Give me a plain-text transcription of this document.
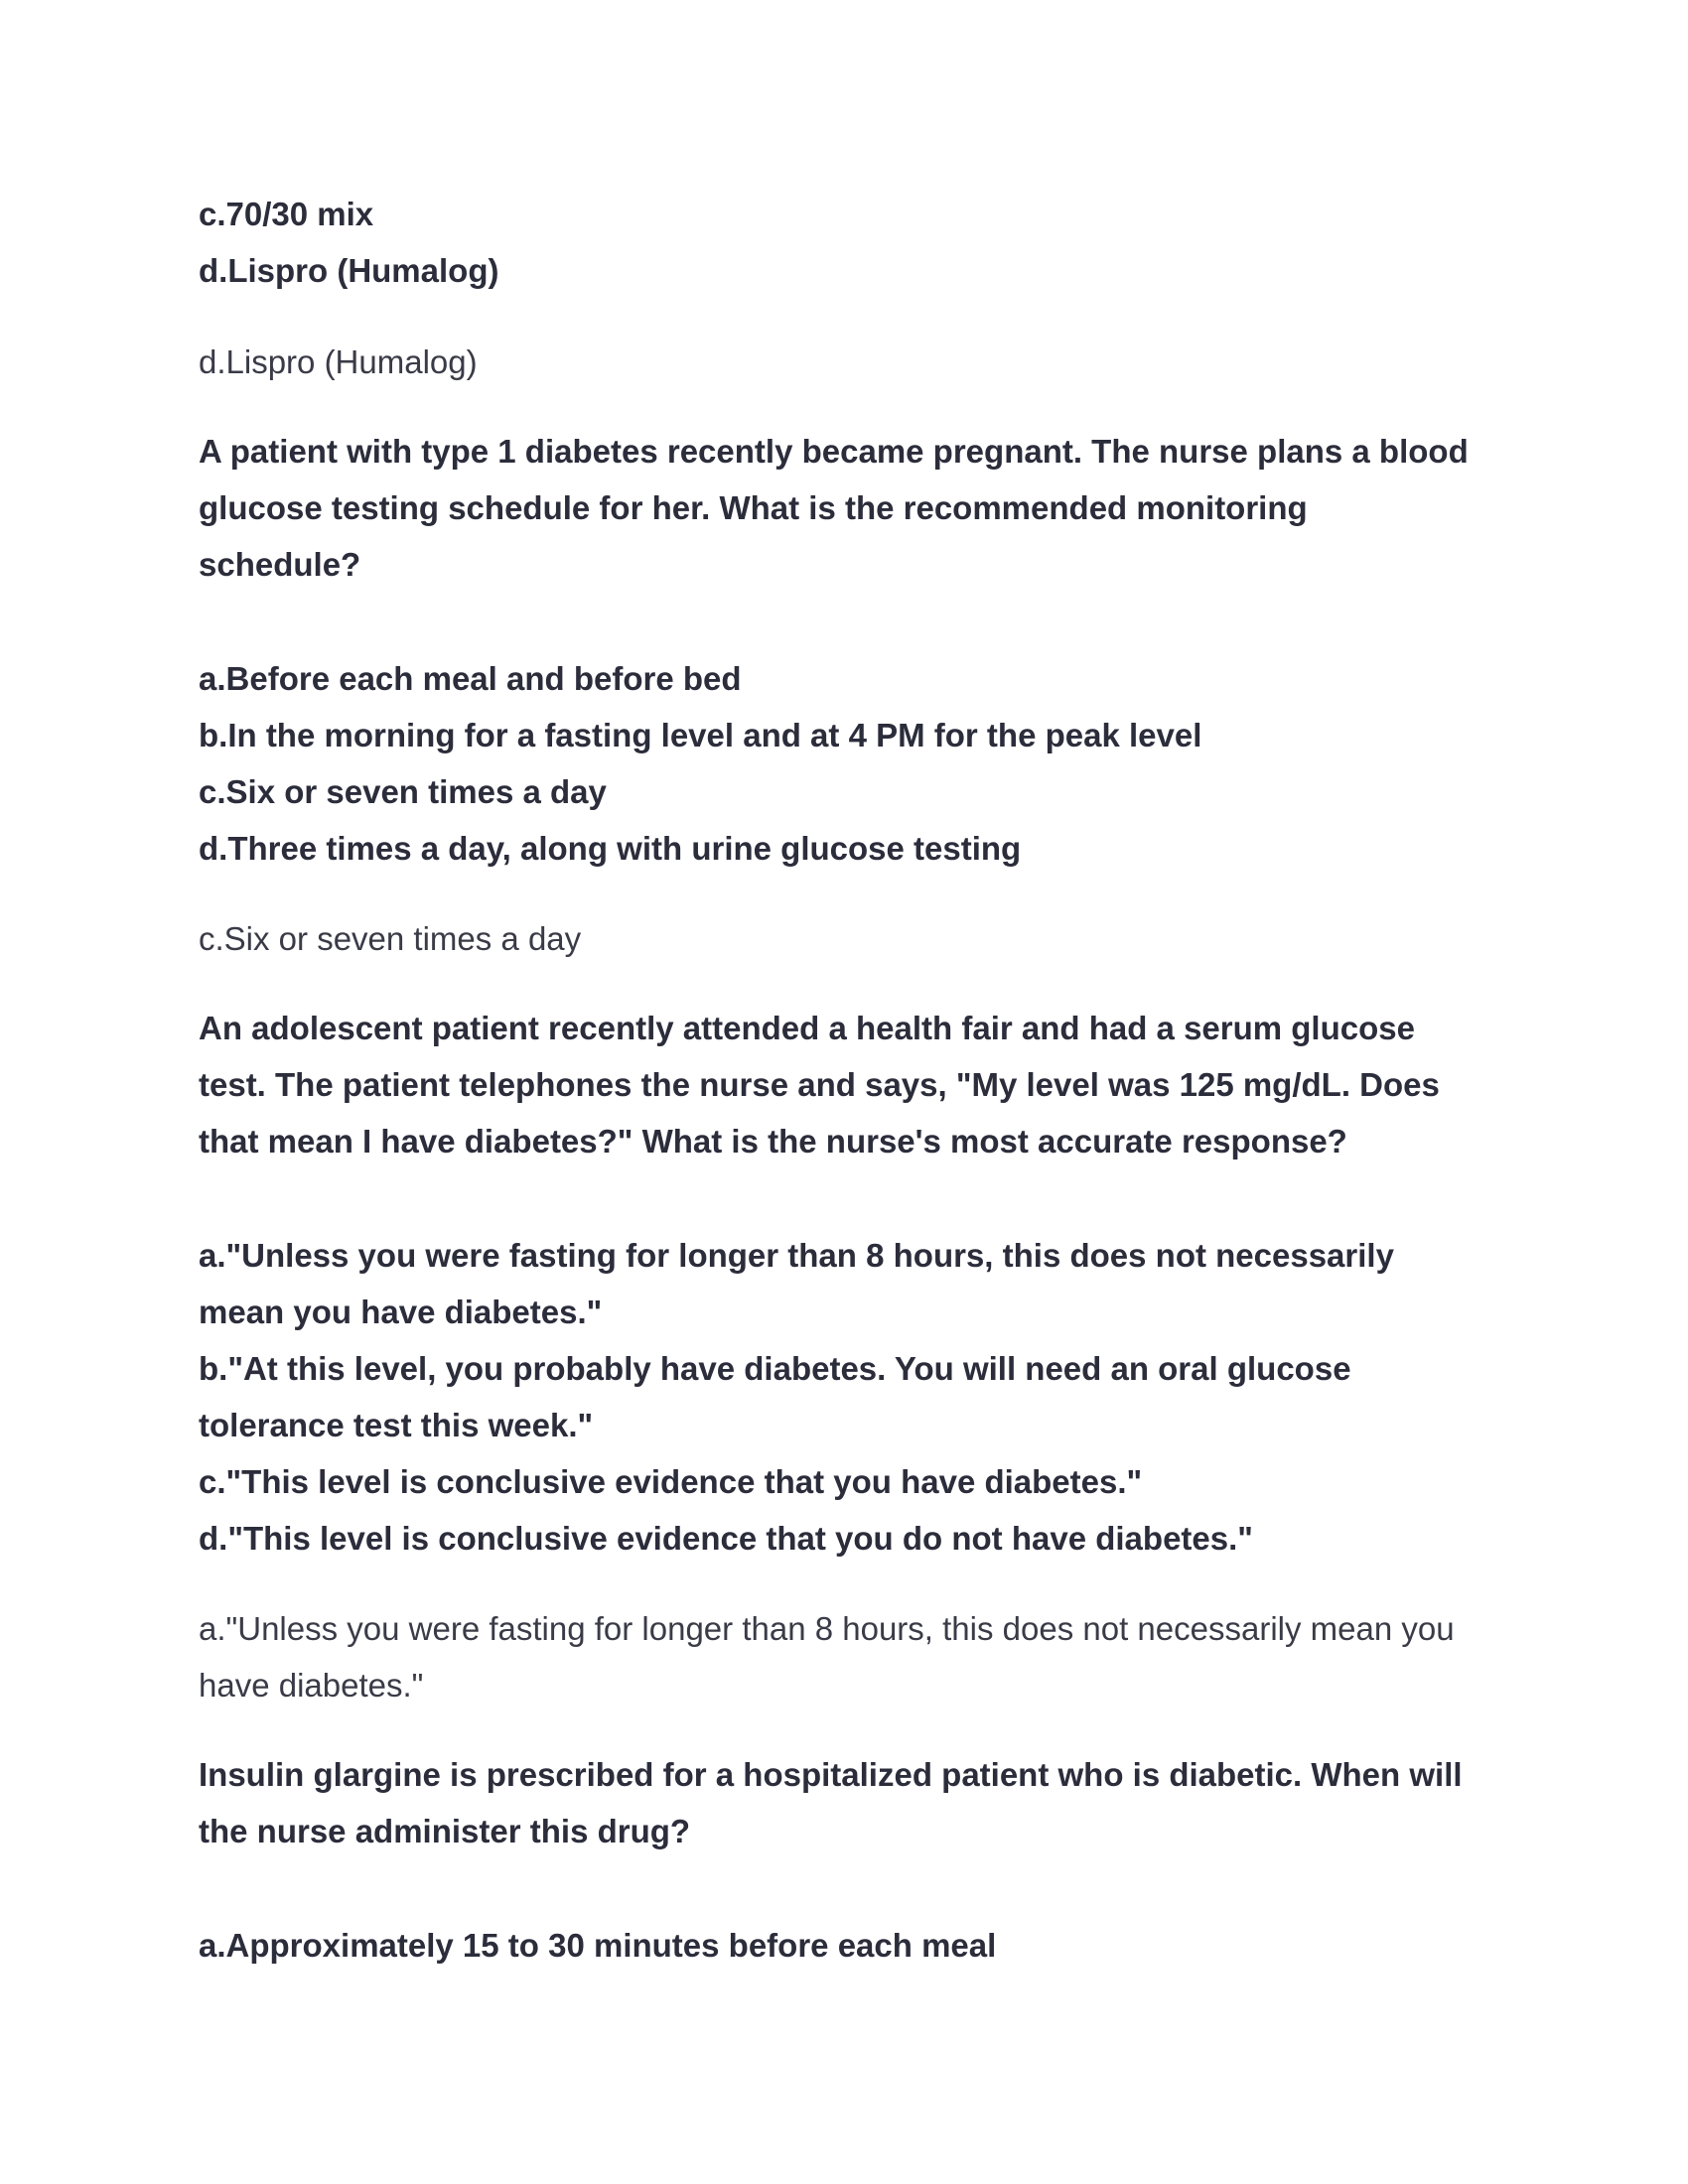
c.70/30 mix
d.Lispro (Humalog)
d.Lispro (Humalog)
A patient with type 1 diabetes recently became pregnant. The nurse plans a blood
glucose testing schedule for her. What is the recommended monitoring
schedule?
a.Before each meal and before bed
b.In the morning for a fasting level and at 4 PM for the peak level
c.Six or seven times a day
d.Three times a day, along with urine glucose testing
c.Six or seven times a day
An adolescent patient recently attended a health fair and had a serum glucose
test. The patient telephones the nurse and says, "My level was 125 mg/dL. Does
that mean I have diabetes?" What is the nurse's most accurate response?
a."Unless you were fasting for longer than 8 hours, this does not necessarily
mean you have diabetes."
b."At this level, you probably have diabetes. You will need an oral glucose
tolerance test this week."
c."This level is conclusive evidence that you have diabetes."
d."This level is conclusive evidence that you do not have diabetes."
a."Unless you were fasting for longer than 8 hours, this does not necessarily mean you
have diabetes."
Insulin glargine is prescribed for a hospitalized patient who is diabetic. When will
the nurse administer this drug?
a.Approximately 15 to 30 minutes before each meal
